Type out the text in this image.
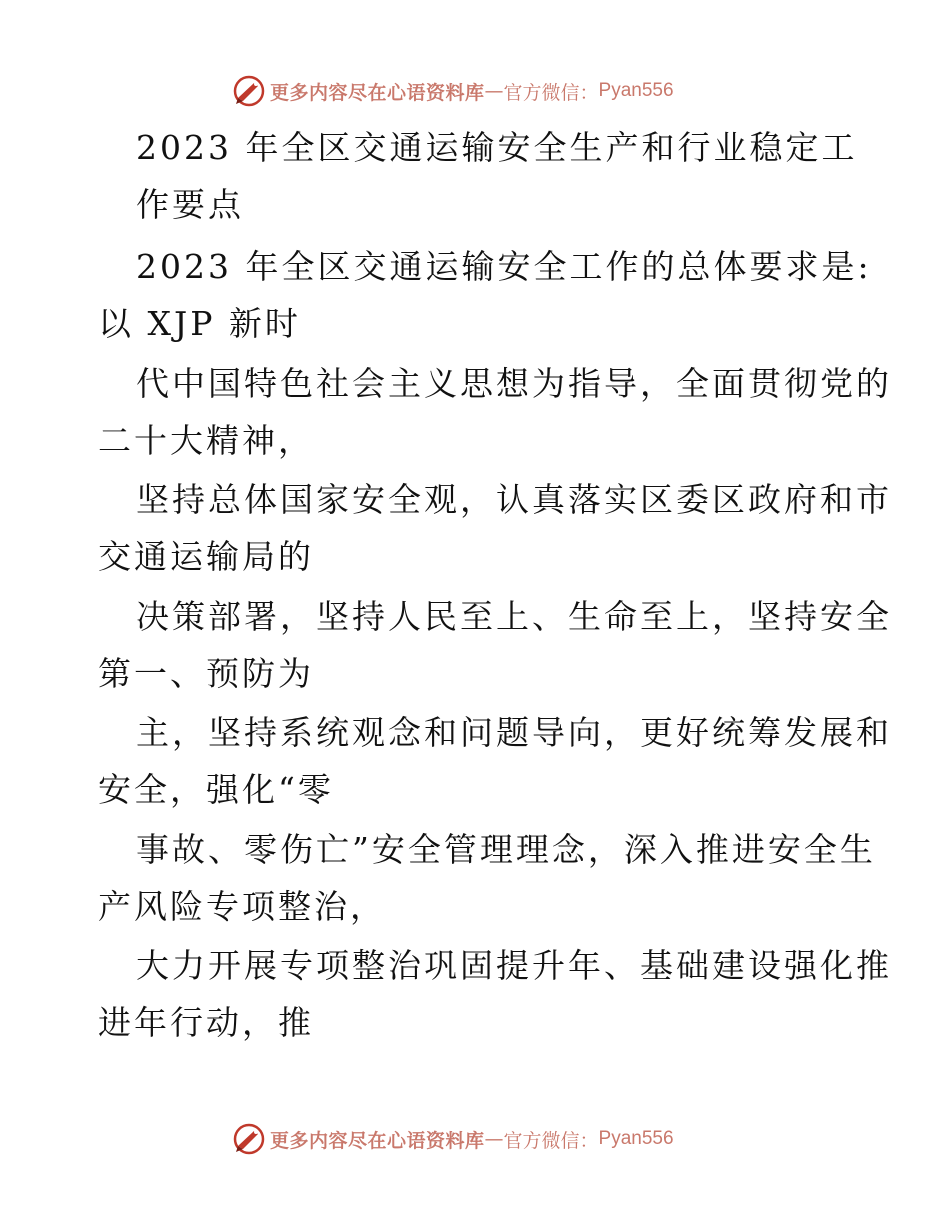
更多内容尽在心语资料库 — 官方微信： Pyan556
2023 年全区交通运输安全生产和行业稳定工
作要点
2023 年全区交通运输安全工作的总体要求是:
以 XJP 新时
代中国特色社会主义思想为指导，全面贯彻党的
二十大精神，
坚持总体国家安全观，认真落实区委区政府和市
交通运输局的
决策部署，坚持人民至上、生命至上，坚持安全
第一、预防为
主，坚持系统观念和问题导向，更好统筹发展和
安全，强化“零
事故、零伤亡”安全管理理念，深入推进安全生
产风险专项整治，
大力开展专项整治巩固提升年、基础建设强化推
进年行动，推
更多内容尽在心语资料库 — 官方微信： Pyan556
